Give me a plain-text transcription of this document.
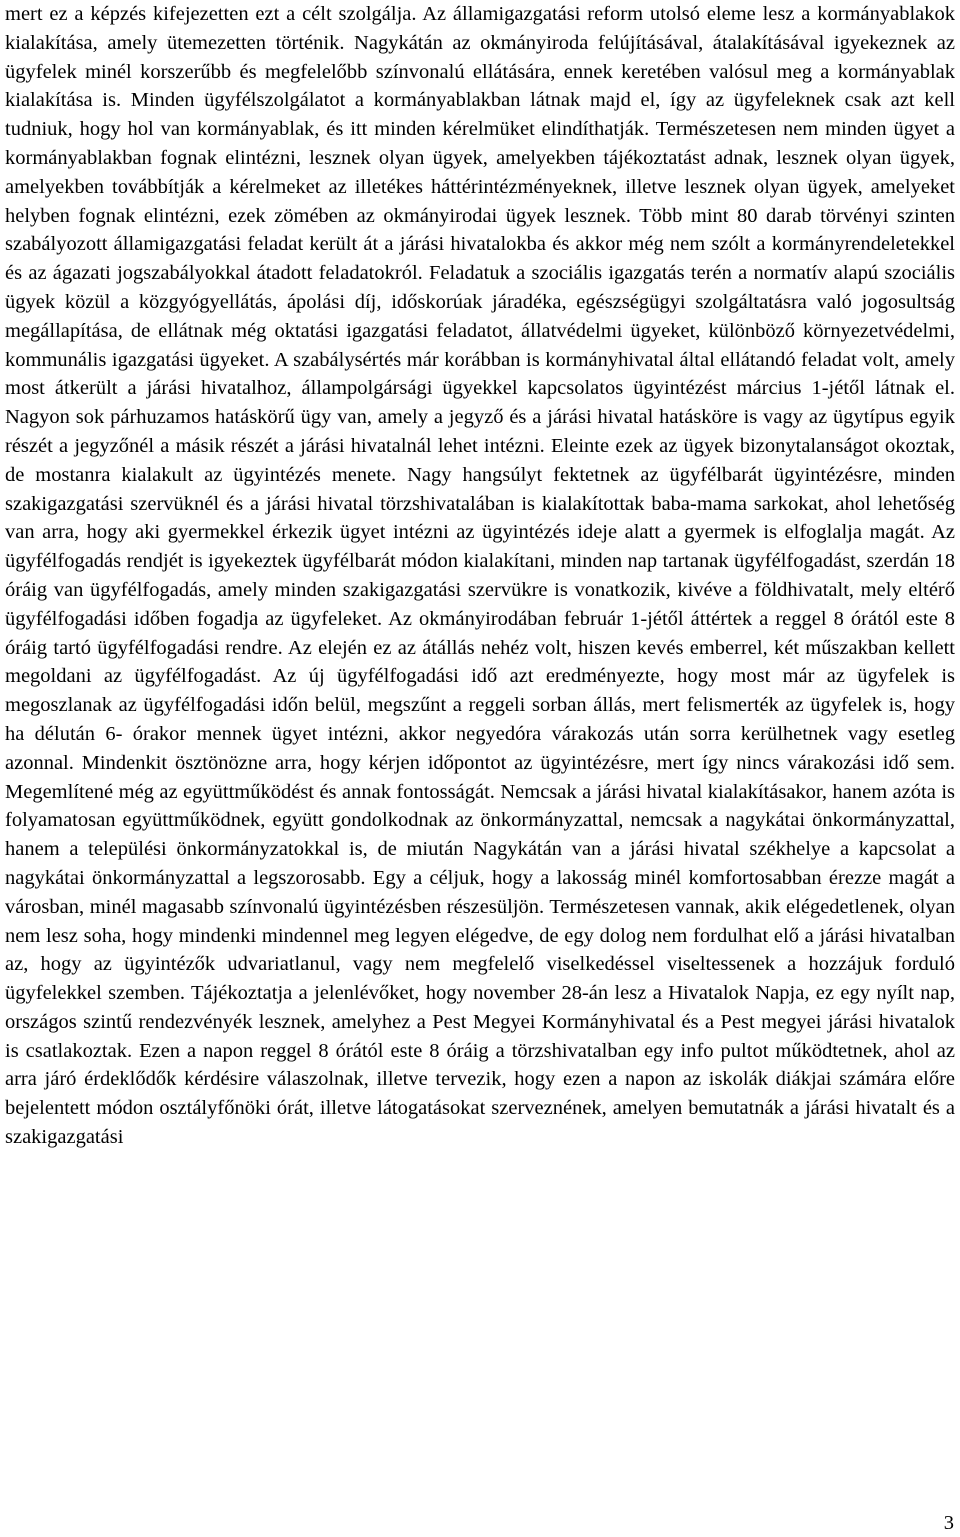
mert ez a képzés kifejezetten ezt a célt szolgálja. Az államigazgatási reform utolsó eleme lesz a kormányablakok kialakítása, amely ütemezetten történik. Nagykátán az okmányiroda felújításával, átalakításával igyekeznek az ügyfelek minél korszerűbb és megfelelőbb színvonalú ellátására, ennek keretében valósul meg a kormányablak kialakítása is. Minden ügyfélszolgálatot a kormányablakban látnak majd el, így az ügyfeleknek csak azt kell tudniuk, hogy hol van kormányablak, és itt minden kérelmüket elindíthatják. Természetesen nem minden ügyet a kormányablakban fognak elintézni, lesznek olyan ügyek, amelyekben tájékoztatást adnak, lesznek olyan ügyek, amelyekben továbbítják a kérelmeket az illetékes háttérintézményeknek, illetve lesznek olyan ügyek, amelyeket helyben fognak elintézni, ezek zömében az okmányirodai ügyek lesznek. Több mint 80 darab törvényi szinten szabályozott államigazgatási feladat került át a járási hivatalokba és akkor még nem szólt a kormányrendeletekkel és az ágazati jogszabályokkal átadott feladatokról. Feladatuk a szociális igazgatás terén a normatív alapú szociális ügyek közül a közgyógyellátás, ápolási díj, időskorúak járadéka, egészségügyi szolgáltatásra való jogosultság megállapítása, de ellátnak még oktatási igazgatási feladatot, állatvédelmi ügyeket, különböző környezetvédelmi, kommunális igazgatási ügyeket. A szabálysértés már korábban is kormányhivatal által ellátandó feladat volt, amely most átkerült a járási hivatalhoz, állampolgársági ügyekkel kapcsolatos ügyintézést március 1-jétől látnak el. Nagyon sok párhuzamos hatáskörű ügy van, amely a jegyző és a járási hivatal hatásköre is vagy az ügytípus egyik részét a jegyzőnél a másik részét a járási hivatalnál lehet intézni. Eleinte ezek az ügyek bizonytalanságot okoztak, de mostanra kialakult az ügyintézés menete. Nagy hangsúlyt fektetnek az ügyfélbarát ügyintézésre, minden szakigazgatási szervüknél és a járási hivatal törzshivatalában is kialakítottak baba-mama sarkokat, ahol lehetőség van arra, hogy aki gyermekkel érkezik ügyet intézni az ügyintézés ideje alatt a gyermek is elfoglalja magát. Az ügyfélfogadás rendjét is igyekeztek ügyfélbarát módon kialakítani, minden nap tartanak ügyfélfogadást, szerdán 18 óráig van ügyfélfogadás, amely minden szakigazgatási szervükre is vonatkozik, kivéve a földhivatalt, mely eltérő ügyfélfogadási időben fogadja az ügyfeleket. Az okmányirodában február 1-jétől áttértek a reggel 8 órától este 8 óráig tartó ügyfélfogadási rendre. Az elején ez az átállás nehéz volt, hiszen kevés emberrel, két műszakban kellett megoldani az ügyfélfogadást. Az új ügyfélfogadási idő azt eredményezte, hogy most már az ügyfelek is megoszlanak az ügyfélfogadási időn belül, megszűnt a reggeli sorban állás, mert felismerték az ügyfelek is, hogy ha délután 6- órakor mennek ügyet intézni, akkor negyedóra várakozás után sorra kerülhetnek vagy esetleg azonnal. Mindenkit ösztönözne arra, hogy kérjen időpontot az ügyintézésre, mert így nincs várakozási idő sem. Megemlítené még az együttműködést és annak fontosságát. Nemcsak a járási hivatal kialakításakor, hanem azóta is folyamatosan együttműködnek, együtt gondolkodnak az önkormányzattal, nemcsak a nagykátai önkormányzattal, hanem a települési önkormányzatokkal is, de miután Nagykátán van a járási hivatal székhelye a kapcsolat a nagykátai önkormányzattal a legszorosabb. Egy a céljuk, hogy a lakosság minél komfortosabban érezze magát a városban, minél magasabb színvonalú ügyintézésben részesüljön. Természetesen vannak, akik elégedetlenek, olyan nem lesz soha, hogy mindenki mindennel meg legyen elégedve, de egy dolog nem fordulhat elő a járási hivatalban az, hogy az ügyintézők udvariatlanul, vagy nem megfelelő viselkedéssel viseltessenek a hozzájuk forduló ügyfelekkel szemben. Tájékoztatja a jelenlévőket, hogy november 28-án lesz a Hivatalok Napja, ez egy nyílt nap, országos szintű rendezvényék lesznek, amelyhez a Pest Megyei Kormányhivatal és a Pest megyei járási hivatalok is csatlakoztak. Ezen a napon reggel 8 órától este 8 óráig a törzshivatalban egy info pultot működtetnek, ahol az arra járó érdeklődők kérdésire válaszolnak, illetve tervezik, hogy ezen a napon az iskolák diákjai számára előre bejelentett módon osztályfőnöki órát, illetve látogatásokat szerveznének, amelyen bemutatnák a járási hivatalt és a szakigazgatási

3
